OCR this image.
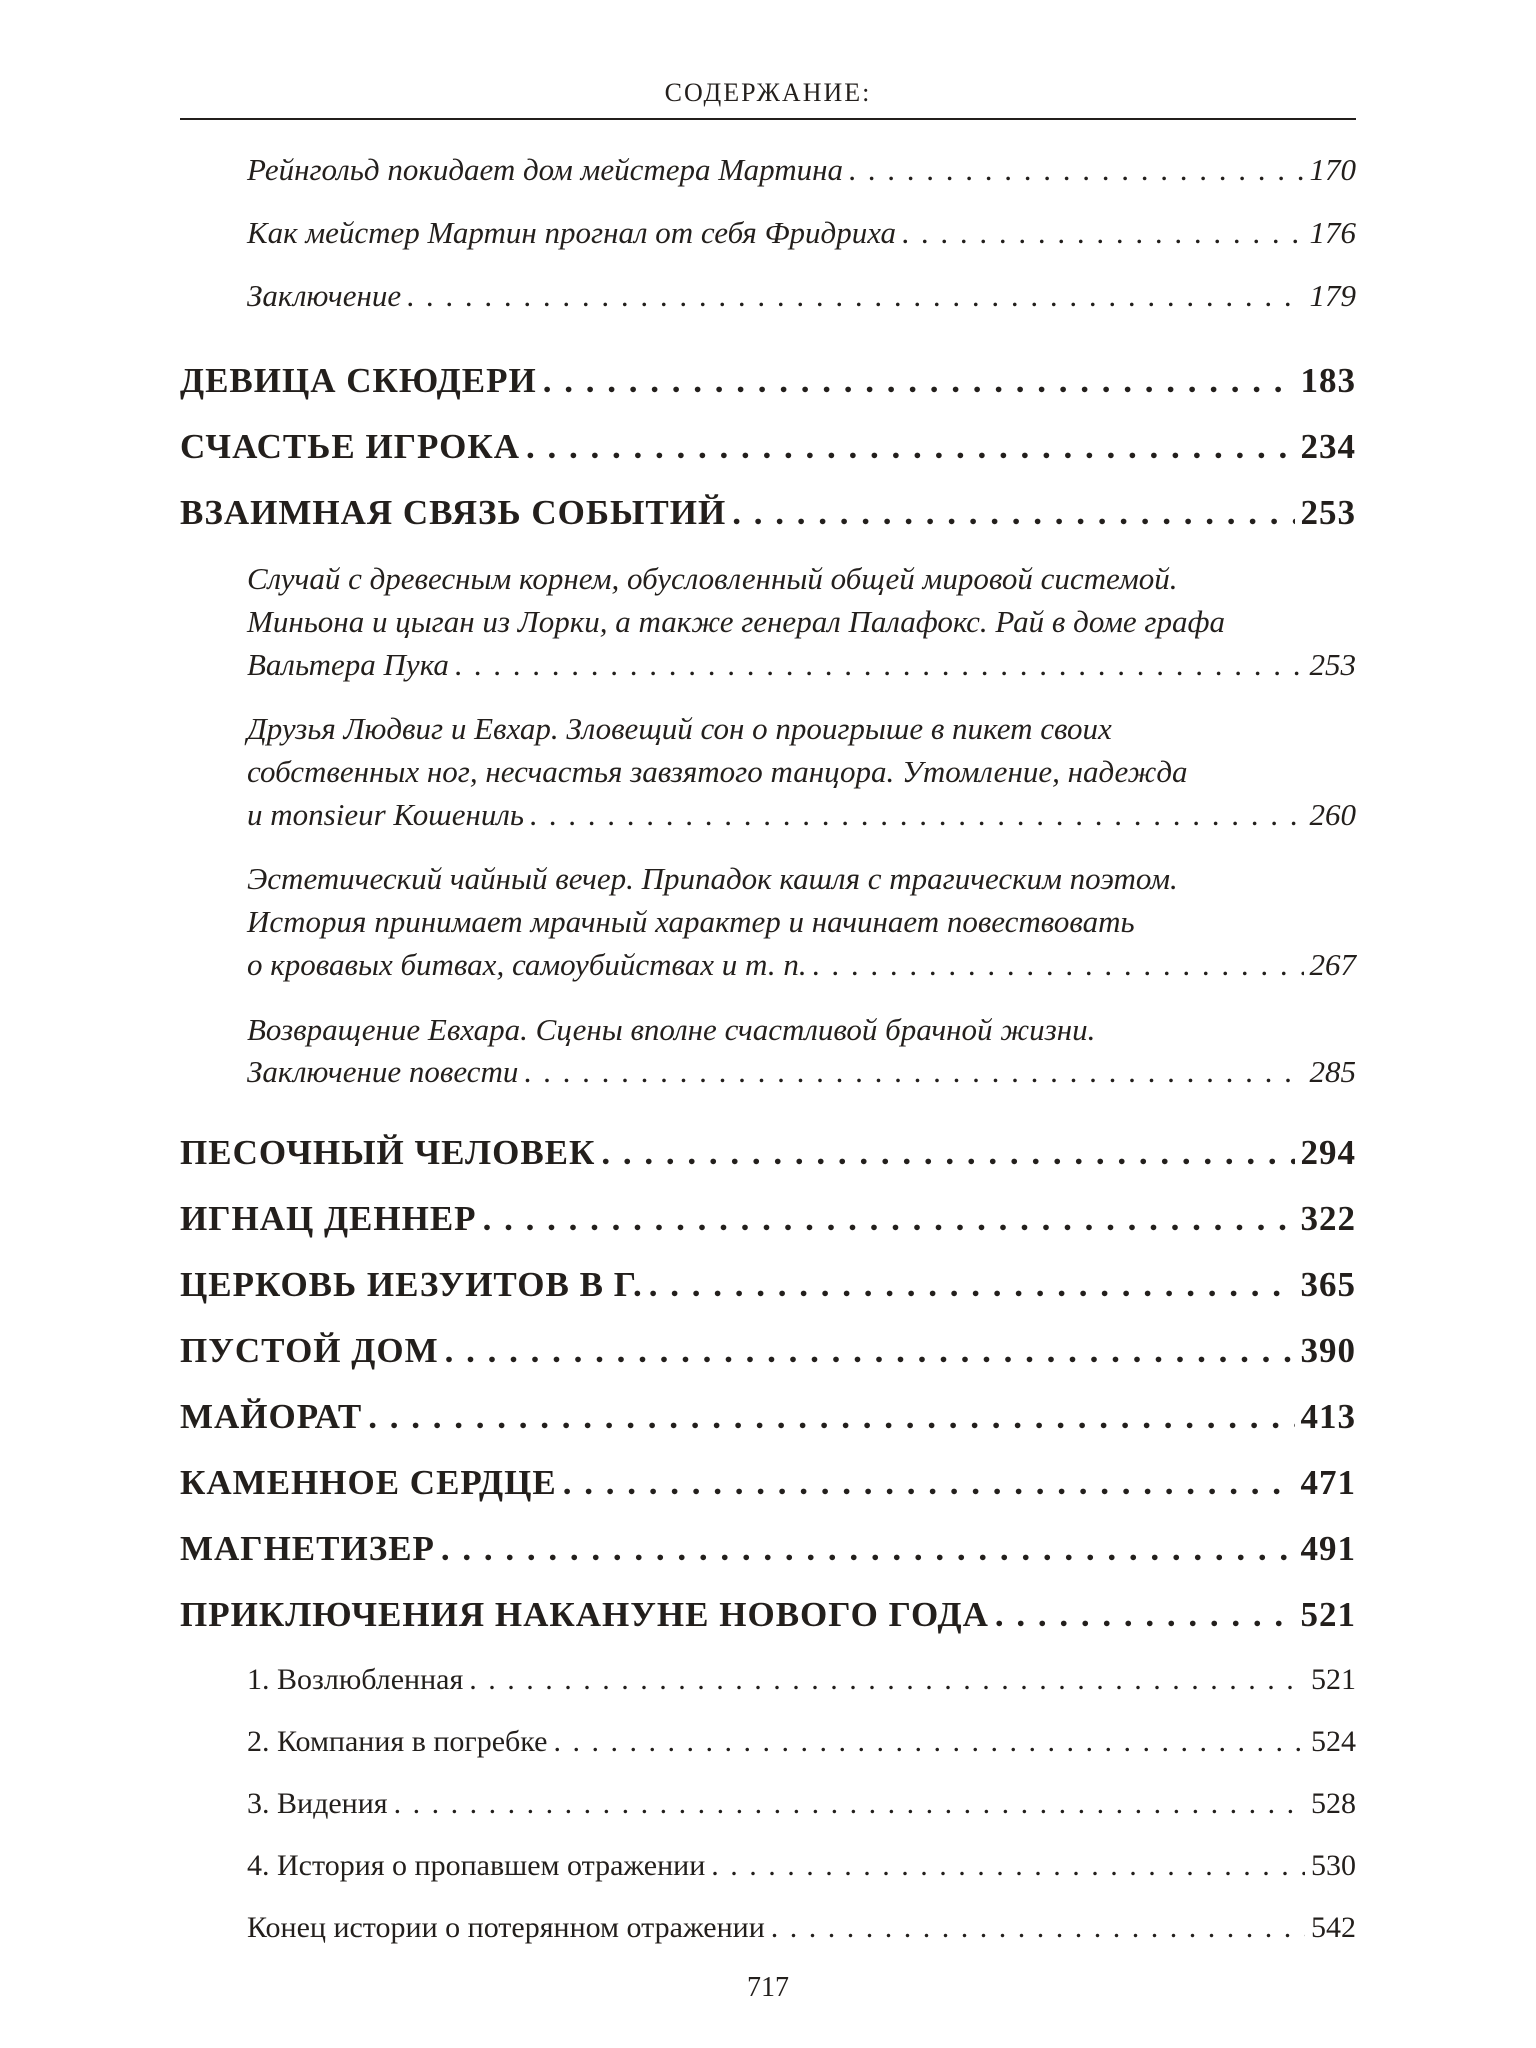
СОДЕРЖАНИЕ:
Рейнгольд покидает дом мейстера Мартина . . .	170
Как мейстер Мартин прогнал от себя Фридриха . . .	176
Заключение . . .	179
ДЕВИЦА СКЮДЕРИ . . .	183
СЧАСТЬЕ ИГРОКА . . .	234
ВЗАИМНАЯ СВЯЗЬ СОБЫТИЙ . . .	253
Случай с древесным корнем, обусловленный общей мировой системой.
Миньона и цыган из Лорки, а также генерал Палафокс. Рай в доме графа
Вальтера Пука . . .	253
Друзья Людвиг и Евхар. Зловещий сон о проигрыше в пикет своих
собственных ног, несчастья завзятого танцора. Утомление, надежда
и monsieur Кошениль . . .	260
Эстетический чайный вечер. Припадок кашля с трагическим поэтом.
История принимает мрачный характер и начинает повествовать
о кровавых битвах, самоубийствах и т. п. . . .	267
Возвращение Евхара. Сцены вполне счастливой брачной жизни.
Заключение повести . . .	285
ПЕСОЧНЫЙ ЧЕЛОВЕК . . .	294
ИГНАЦ ДЕННЕР . . .	322
ЦЕРКОВЬ ИЕЗУИТОВ В Г. . . .	365
ПУСТОЙ ДОМ . . .	390
МАЙОРАТ . . .	413
КАМЕННОЕ СЕРДЦЕ . . .	471
МАГНЕТИЗЕР . . .	491
ПРИКЛЮЧЕНИЯ НАКАНУНЕ НОВОГО ГОДА . . .	521
1. Возлюбленная . . .	521
2. Компания в погребке . . .	524
3. Видения . . .	528
4. История о пропавшем отражении . . .	530
Конец истории о потерянном отражении . . .	542
717
